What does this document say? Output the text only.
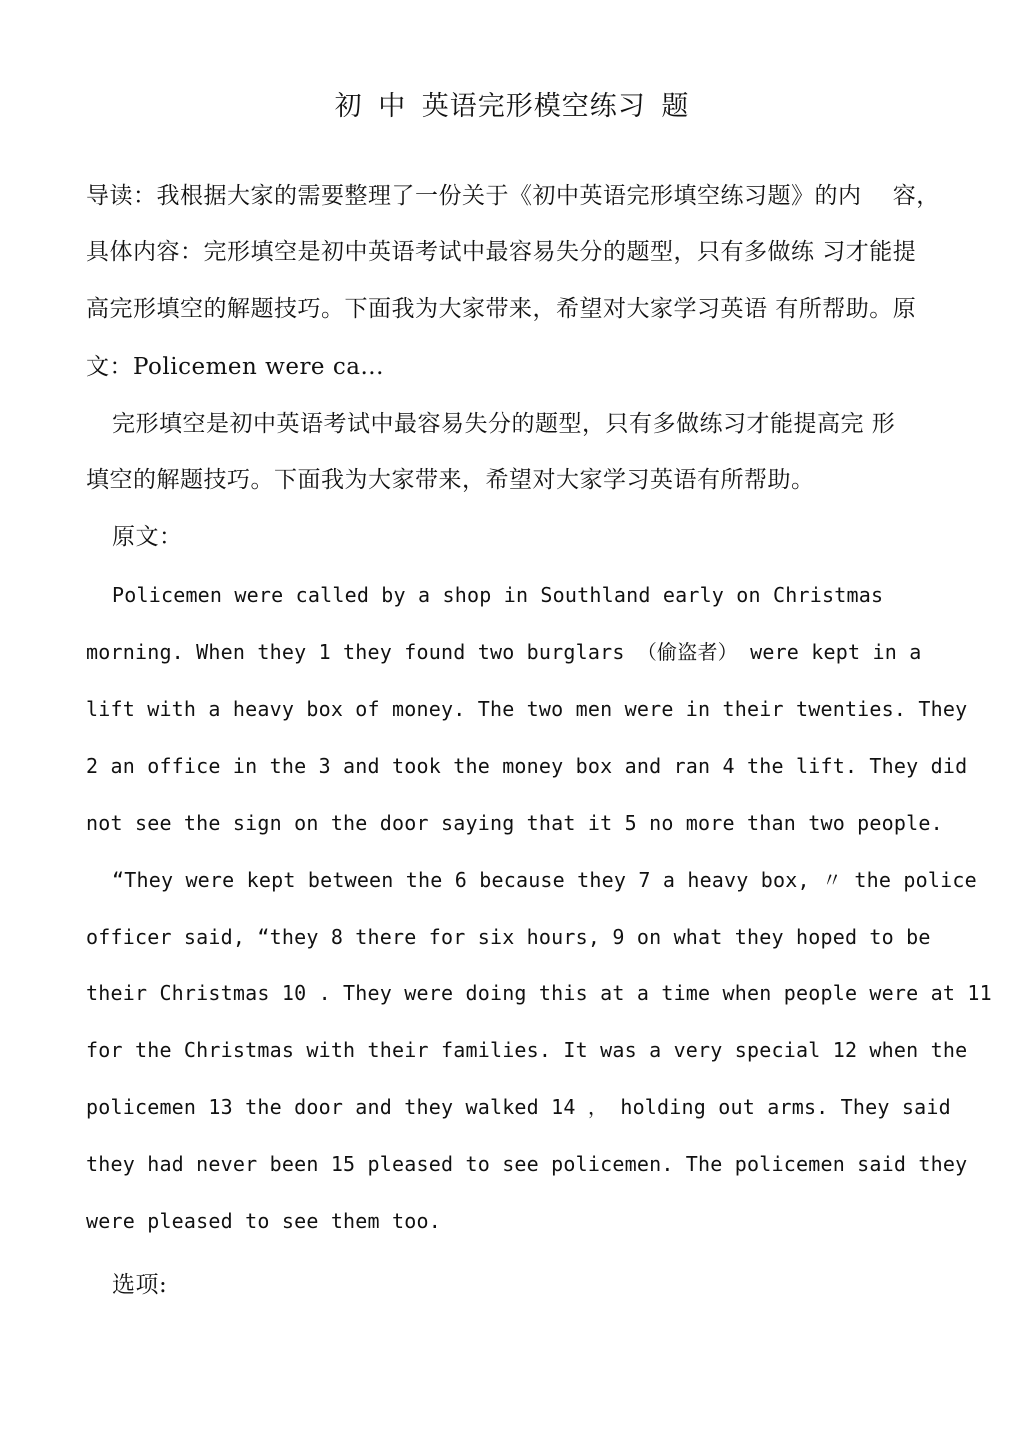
初 中 英语完形模空练习 题
导读：我根据大家的需要整理了一份关于《初中英语完形填空练习题》的内    容，
具体内容：完形填空是初中英语考试中最容易失分的题型，只有多做练 习才能提
高完形填空的解题技巧。下面我为大家带来，希望对大家学习英语 有所帮助。原
文：Policemen were ca...
完形填空是初中英语考试中最容易失分的题型，只有多做练习才能提高完 形
填空的解题技巧。下面我为大家带来，希望对大家学习英语有所帮助。
原文：
Policemen were called by a shop in Southland early on Christmas
morning. When they 1 they found two burglars （偷盗者） were kept in a
lift with a heavy box of money. The two men were in their twenties. They
2 an office in the 3 and took the money box and ran 4 the lift. They did
not see the sign on the door saying that it 5 no more than two people.
“They were kept between the 6 because they 7 a heavy box, 〃 the police
officer said, “they 8 there for six hours, 9 on what they hoped to be
their Christmas 10 . They were doing this at a time when people were at 11
for the Christmas with their families. It was a very special 12 when the
policemen 13 the door and they walked 14 ， holding out arms. They said
they had never been 15 pleased to see policemen. The policemen said they
were pleased to see them too.
选项:
